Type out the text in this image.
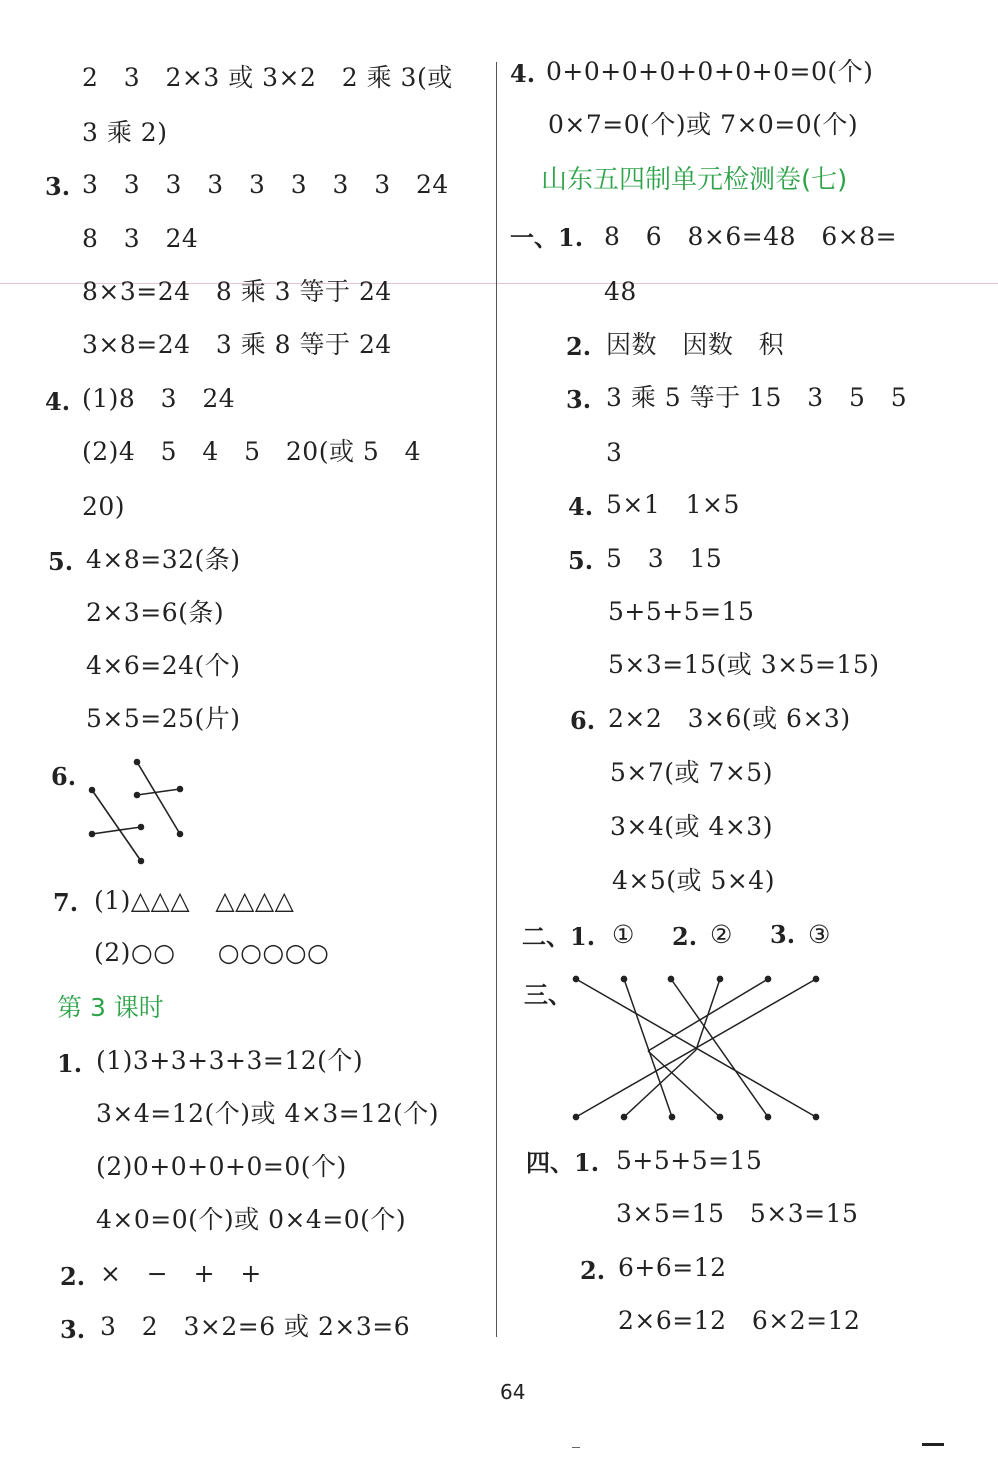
2   3   2×3 或 3×2   2 乘 3(或
3 乘 2)
3. 3   3   3   3   3   3   3   3   24
8   3   24
8×3=24   8 乘 3 等于 24
3×8=24   3 乘 8 等于 24
4. (1)8   3   24
(2)4   5   4   5   20(或 5   4
20)
5. 4×8=32(条)
2×3=6(条)
4×6=24(个)
5×5=25(片)
6.
7. (1)△△△   △△△△
(2)○○     ○○○○○
第 3 课时
1. (1)3+3+3+3=12(个)
3×4=12(个)或 4×3=12(个)
(2)0+0+0+0=0(个)
4×0=0(个)或 0×4=0(个)
2. ×   −   +   +
3. 3   2   3×2=6 或 2×3=6
4. 0+0+0+0+0+0+0=0(个)
0×7=0(个)或 7×0=0(个)
山东五四制单元检测卷(七)
一、1. 8   6   8×6=48   6×8=
48
2. 因数   因数   积
3. 3 乘 5 等于 15   3   5   5
3
4. 5×1   1×5
5. 5   3   15
5+5+5=15
5×3=15(或 3×5=15)
6. 2×2   3×6(或 6×3)
5×7(或 7×5)
3×4(或 4×3)
4×5(或 5×4)
二、1. ① 2. ② 3. ③
三、
四、1. 5+5+5=15
3×5=15   5×3=15
2. 6+6=12
2×6=12   6×2=12
64
